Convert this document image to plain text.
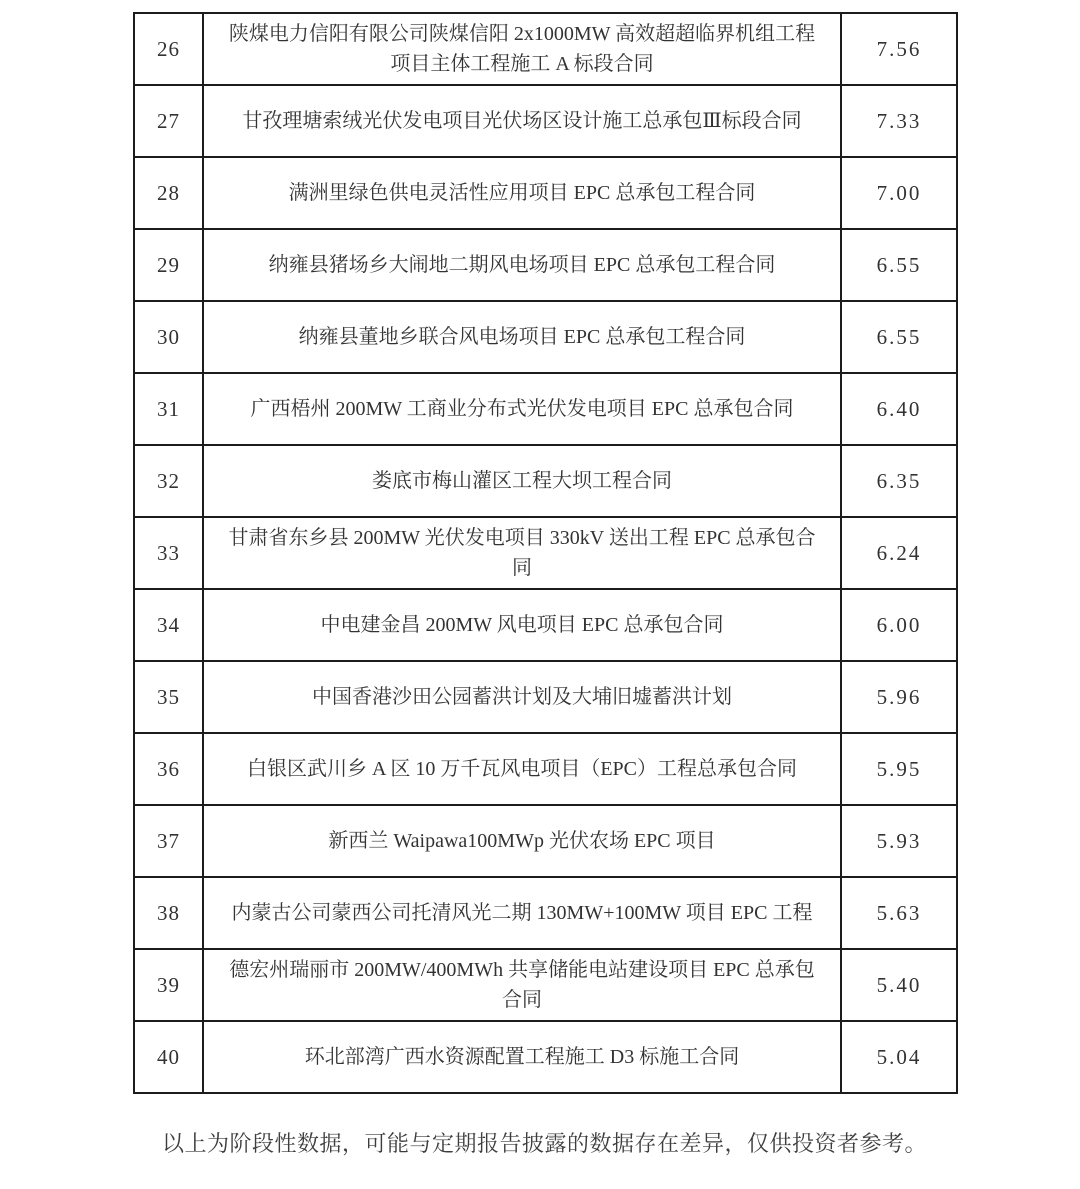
26	陕煤电力信阳有限公司陕煤信阳 2x1000MW 高效超超临界机组工程项目主体工程施工 A 标段合同	7.56
27	甘孜理塘索绒光伏发电项目光伏场区设计施工总承包Ⅲ标段合同	7.33
28	满洲里绿色供电灵活性应用项目 EPC 总承包工程合同	7.00
29	纳雍县猪场乡大闹地二期风电场项目 EPC 总承包工程合同	6.55
30	纳雍县董地乡联合风电场项目 EPC 总承包工程合同	6.55
31	广西梧州 200MW 工商业分布式光伏发电项目 EPC 总承包合同	6.40
32	娄底市梅山灌区工程大坝工程合同	6.35
33	甘肃省东乡县 200MW 光伏发电项目 330kV 送出工程 EPC 总承包合同	6.24
34	中电建金昌 200MW 风电项目 EPC 总承包合同	6.00
35	中国香港沙田公园蓄洪计划及大埔旧墟蓄洪计划	5.96
36	白银区武川乡 A 区 10 万千瓦风电项目（EPC）工程总承包合同	5.95
37	新西兰 Waipawa100MWp 光伏农场 EPC 项目	5.93
38	内蒙古公司蒙西公司托清风光二期 130MW+100MW 项目 EPC 工程	5.63
39	德宏州瑞丽市 200MW/400MWh 共享储能电站建设项目 EPC 总承包合同	5.40
40	环北部湾广西水资源配置工程施工 D3 标施工合同	5.04
以上为阶段性数据，可能与定期报告披露的数据存在差异，仅供投资者参考。
